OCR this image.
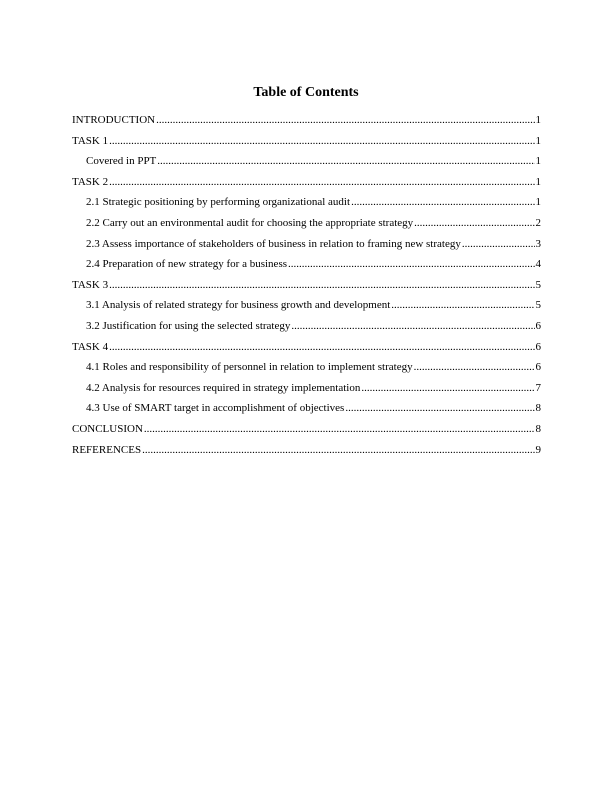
Table of Contents
INTRODUCTION .....	1
TASK 1 .....	1
Covered in PPT .....	1
TASK 2 .....	1
2.1 Strategic positioning by performing organizational audit .....	1
2.2 Carry out an environmental audit for choosing the appropriate strategy .....	2
2.3 Assess importance of stakeholders of business in relation to framing new strategy .....	3
2.4 Preparation of new strategy for a business .....	4
TASK 3 .....	5
3.1 Analysis of related strategy for business growth and development .....	5
3.2 Justification for using the selected strategy .....	6
TASK 4 .....	6
4.1 Roles and responsibility of personnel in relation to implement strategy .....	6
4.2 Analysis for resources required in strategy implementation .....	7
4.3 Use of SMART target in accomplishment of objectives .....	8
CONCLUSION .....	8
REFERENCES .....	9
